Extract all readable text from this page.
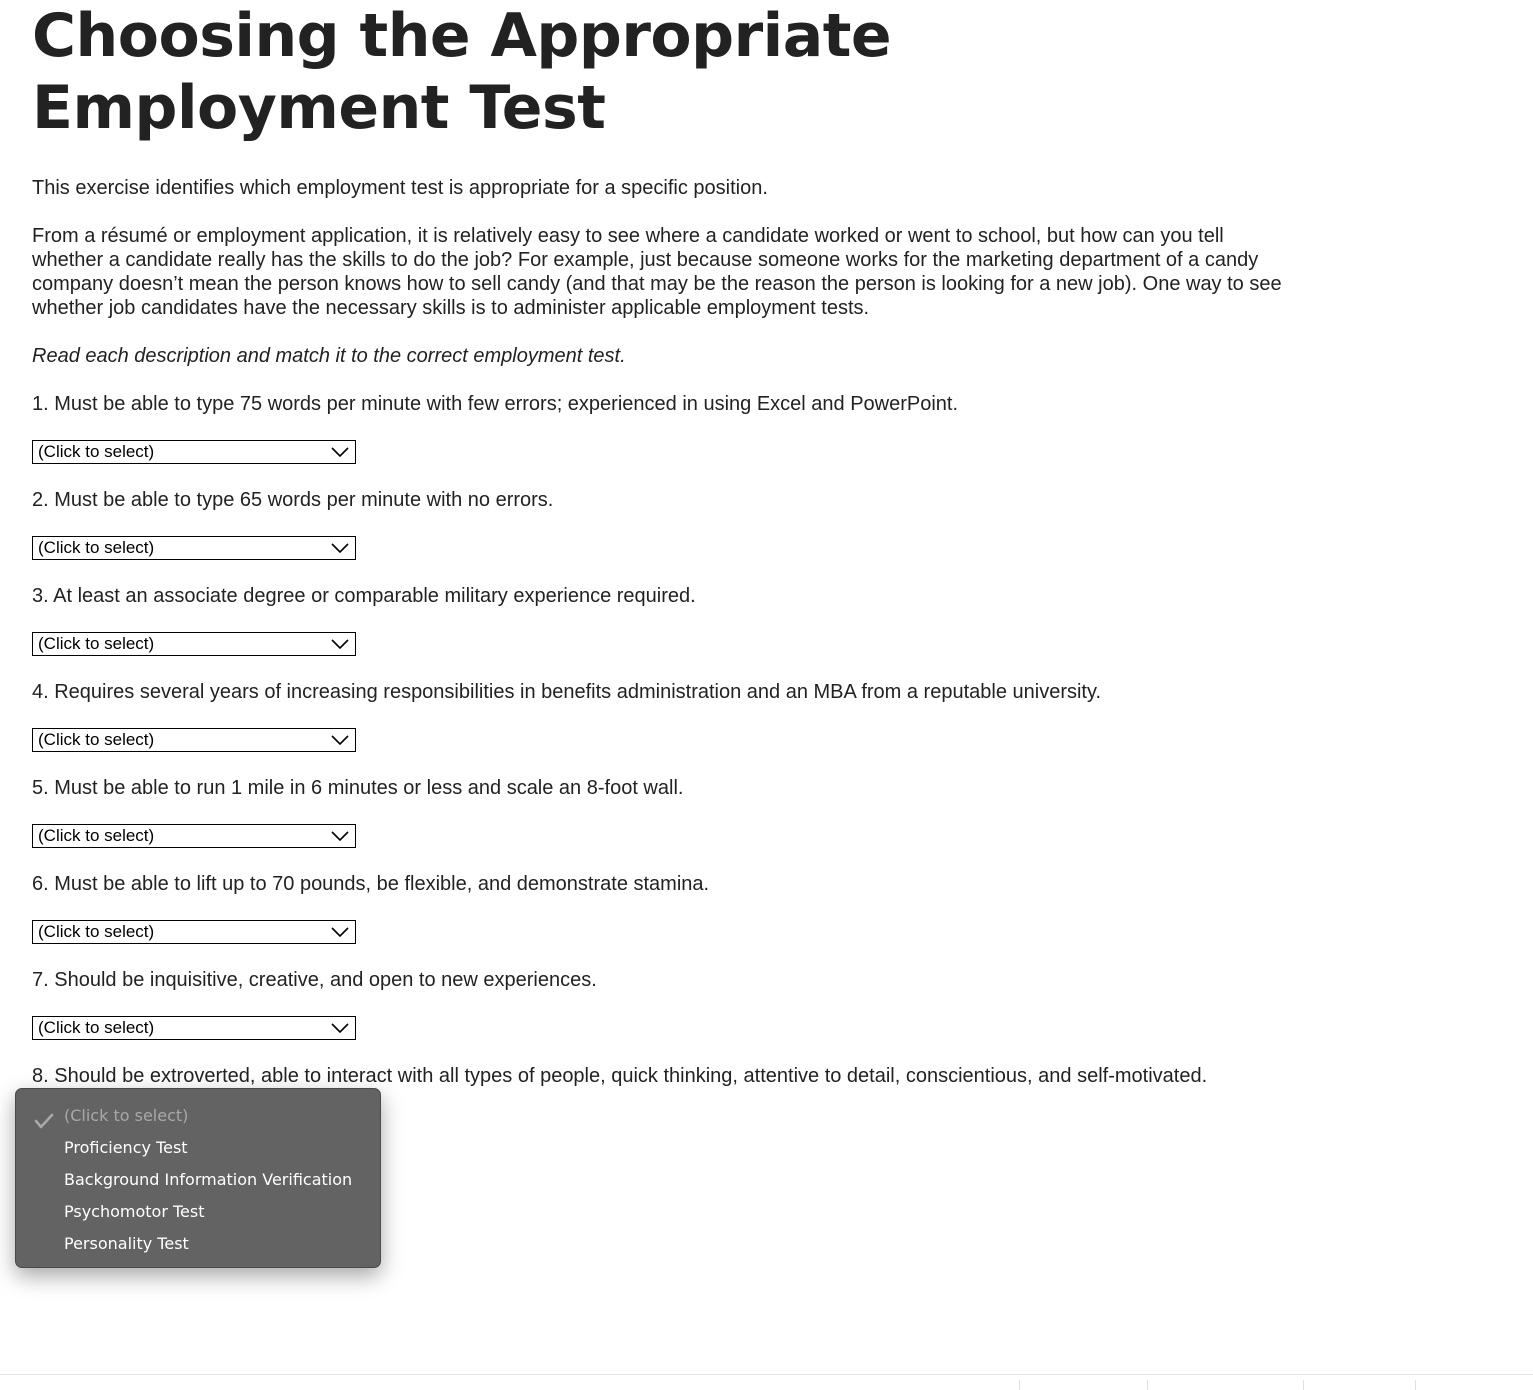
Choosing the Appropriate Employment Test

This exercise identifies which employment test is appropriate for a specific position.

From a résumé or employment application, it is relatively easy to see where a candidate worked or went to school, but how can you tell whether a candidate really has the skills to do the job? For example, just because someone works for the marketing department of a candy company doesn’t mean the person knows how to sell candy (and that may be the reason the person is looking for a new job). One way to see whether job candidates have the necessary skills is to administer applicable employment tests.

Read each description and match it to the correct employment test.

1. Must be able to type 75 words per minute with few errors; experienced in using Excel and PowerPoint.

(Click to select)

2. Must be able to type 65 words per minute with no errors.

(Click to select)

3. At least an associate degree or comparable military experience required.

(Click to select)

4. Requires several years of increasing responsibilities in benefits administration and an MBA from a reputable university.

(Click to select)

5. Must be able to run 1 mile in 6 minutes or less and scale an 8-foot wall.

(Click to select)

6. Must be able to lift up to 70 pounds, be flexible, and demonstrate stamina.

(Click to select)

7. Should be inquisitive, creative, and open to new experiences.

(Click to select)

8. Should be extroverted, able to interact with all types of people, quick thinking, attentive to detail, conscientious, and self-motivated.

(Click to select)
Proficiency Test
Background Information Verification
Psychomotor Test
Personality Test
